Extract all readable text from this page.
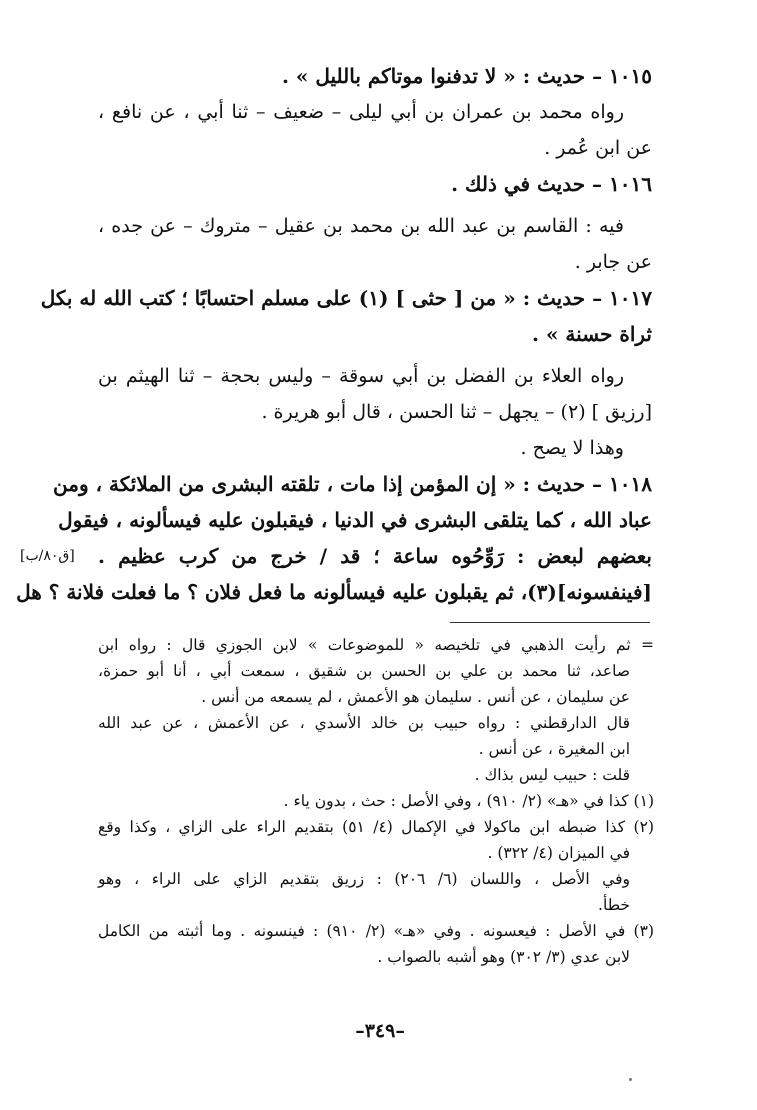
١٠١٥ – حديث : « لا تدفنوا موتاكم بالليل » .
رواه محمد بن عمران بن أبي ليلى – ضعيف – ثنا أبي ، عن نافع ،
عن ابن عُمر .
١٠١٦ – حديث في ذلك .
فيه : القاسم بن عبد الله بن محمد بن عقيل – متروك – عن جده ،
عن جابر .
١٠١٧ – حديث : « من [ حثى ] (١) على مسلم احتسابًا ؛ كتب الله له بكل
ثراة حسنة » .
رواه العلاء بن الفضل بن أبي سوقة – وليس بحجة – ثنا الهيثم بن
[رزيق ] (٢) – يجهل – ثنا الحسن ، قال أبو هريرة .
وهذا لا يصح .
١٠١٨ – حديث : « إن المؤمن إذا مات ، تلقته البشرى من الملائكة ، ومن
عباد الله ، كما يتلقى البشرى في الدنيا ، فيقبلون عليه فيسألونه ، فيقول
بعضهم لبعض : رَوِّحُوه ساعة ؛ قد / خرج من كرب عظيم .
[فينفسونه](٣)، ثم يقبلون عليه فيسألونه ما فعل فلان ؟ ما فعلت فلانة ؟ هل
[ق٨٠/ب]
= ثم رأيت الذهبي في تلخيصه « للموضوعات » لابن الجوزي قال : رواه ابن
صاعد، ثنا محمد بن علي بن الحسن بن شقيق ، سمعت أبي ، أنا أبو حمزة،
عن سليمان ، عن أنس . سليمان هو الأعمش ، لم يسمعه من أنس .
قال الدارقطني : رواه حبيب بن خالد الأسدي ، عن الأعمش ، عن عبد الله
ابن المغيرة ، عن أنس .
قلت : حبيب ليس بذاك .
(١) كذا في «هـ» (٢/ ٩١٠) ، وفي الأصل : حث ، بدون ياء .
(٢) كذا ضبطه ابن ماكولا في الإكمال (٤/ ٥١) بتقديم الراء على الزاي ، وكذا وقع
في الميزان (٤/ ٣٢٢) .
وفي الأصل ، واللسان (٦/ ٢٠٦) : زريق بتقديم الزاي على الراء ، وهو
خطأ.
(٣) في الأصل : فيعسونه . وفي «هـ» (٢/ ٩١٠) : فينسونه . وما أثبته من الكامل
لابن عدي (٣/ ٣٠٢) وهو أشبه بالصواب .
–٣٤٩–
